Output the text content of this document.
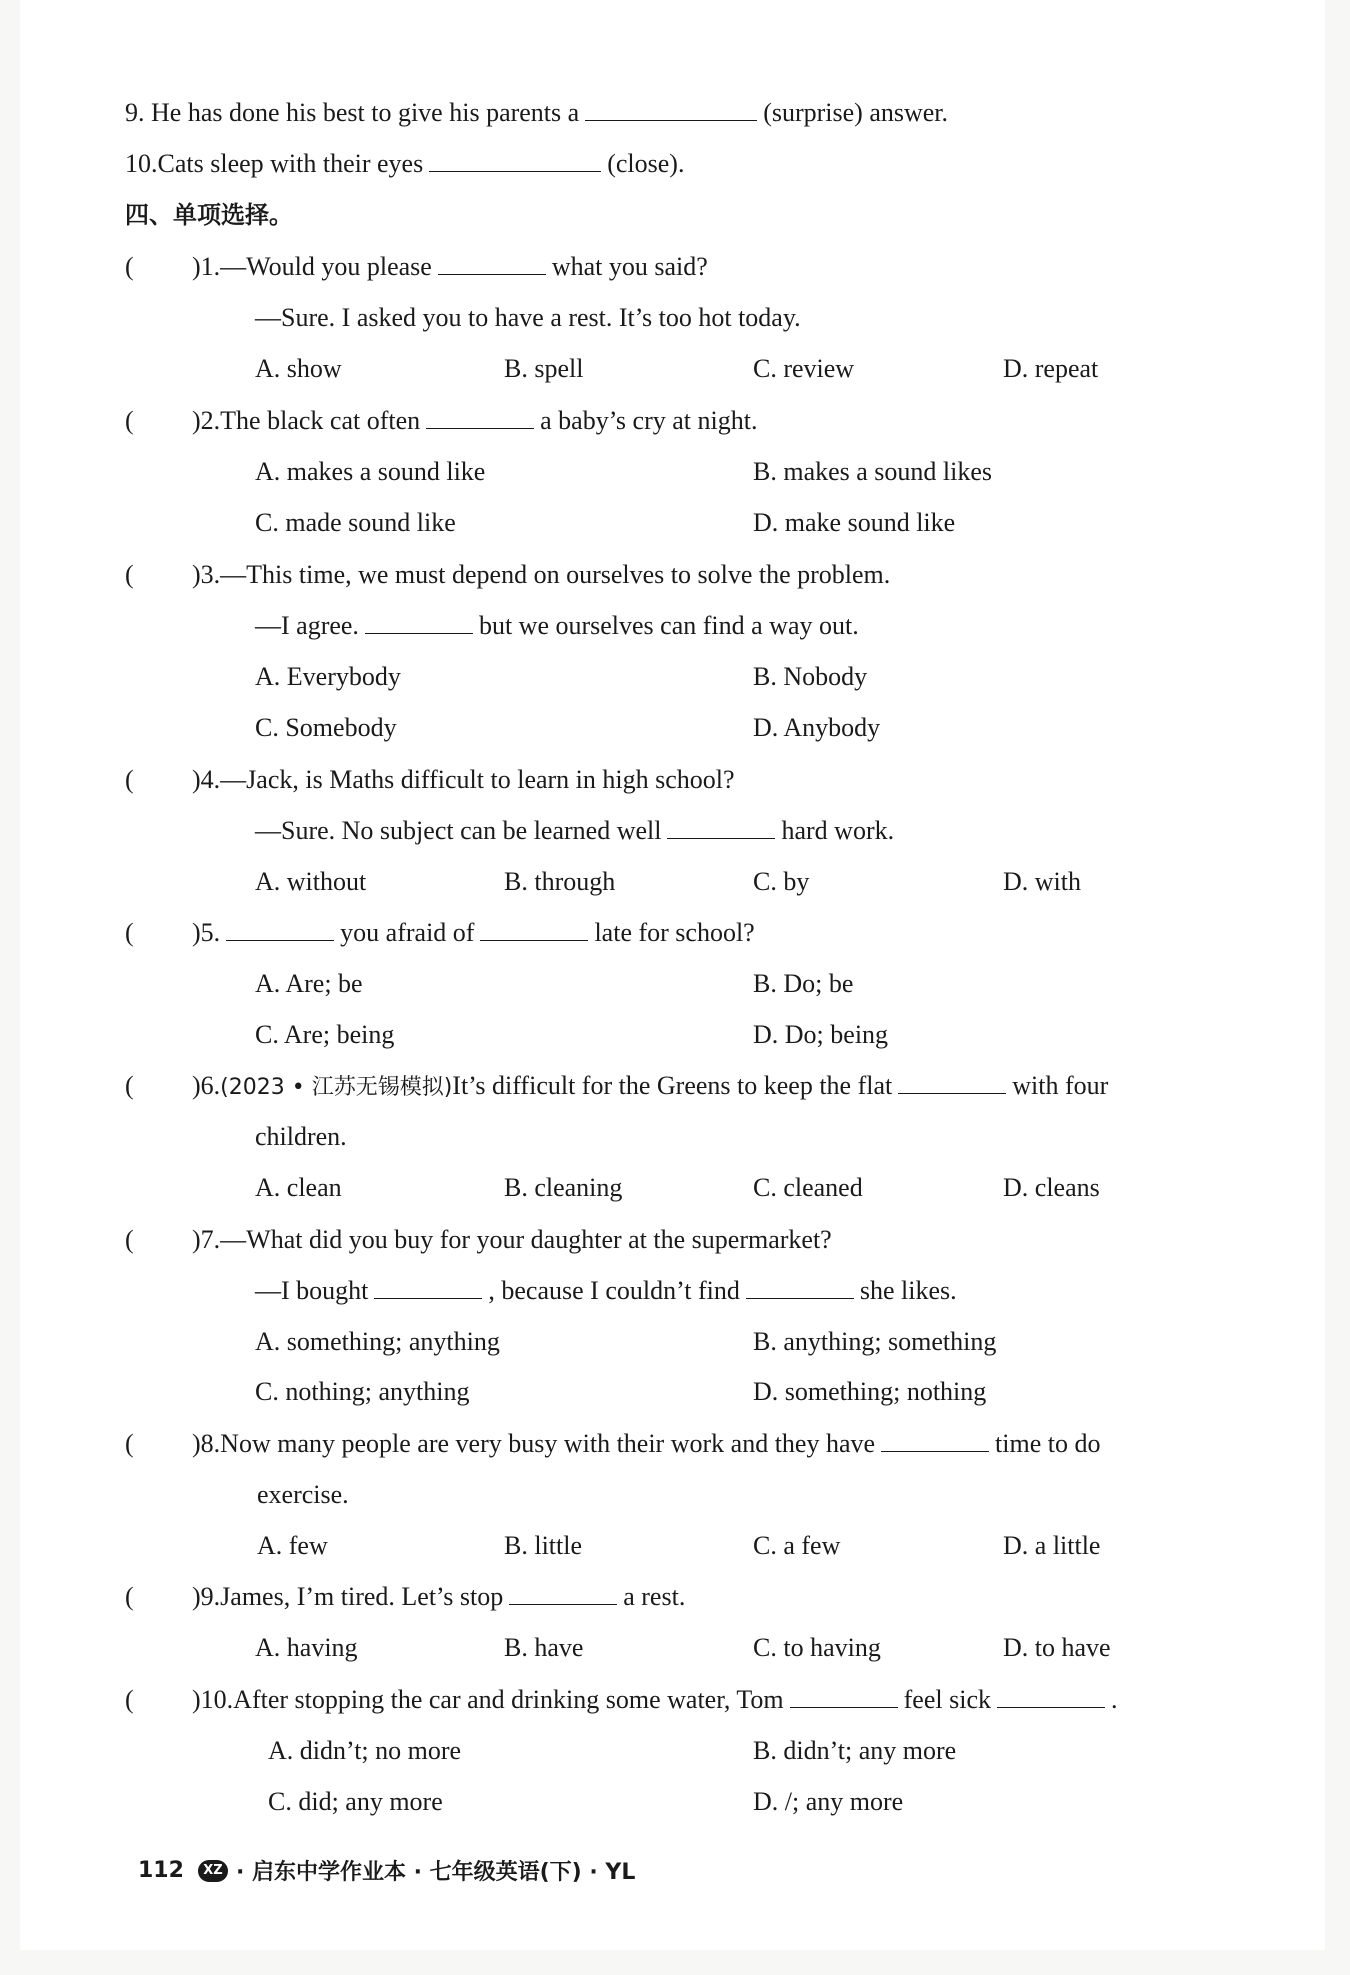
9. He has done his best to give his parents a	(surprise) answer.
10.Cats sleep with their eyes	(close).
四、单项选择。
( )1.—Would you please	what you said?
—Sure. I asked you to have a rest. It’s too hot today.
A. show	B. spell	C. review	D. repeat
( )2.The black cat often	a baby’s cry at night.
A. makes a sound like	B. makes a sound likes
C. made sound like	D. make sound like
( )3.—This time, we must depend on ourselves to solve the problem.
—I agree.	but we ourselves can find a way out.
A. Everybody	B. Nobody
C. Somebody	D. Anybody
( )4.—Jack, is Maths difficult to learn in high school?
—Sure. No subject can be learned well	hard work.
A. without	B. through	C. by	D. with
( )5.	you afraid of	late for school?
A. Are; be	B. Do; be
C. Are; being	D. Do; being
( )6.(2023 • 江苏无锡模拟)It’s difficult for the Greens to keep the flat	with four
children.
A. clean	B. cleaning	C. cleaned	D. cleans
( )7.—What did you buy for your daughter at the supermarket?
—I bought	, because I couldn’t find	she likes.
A. something; anything	B. anything; something
C. nothing; anything	D. something; nothing
( )8.Now many people are very busy with their work and they have	time to do
exercise.
A. few	B. little	C. a few	D. a little
( )9.James, I’m tired. Let’s stop	a rest.
A. having	B. have	C. to having	D. to have
( )10.After stopping the car and drinking some water, Tom	feel sick	.
A. didn’t; no more	B. didn’t; any more
C. did; any more	D. /; any more
112	XZ · 启东中学作业本 · 七年级英语(下) · YL
